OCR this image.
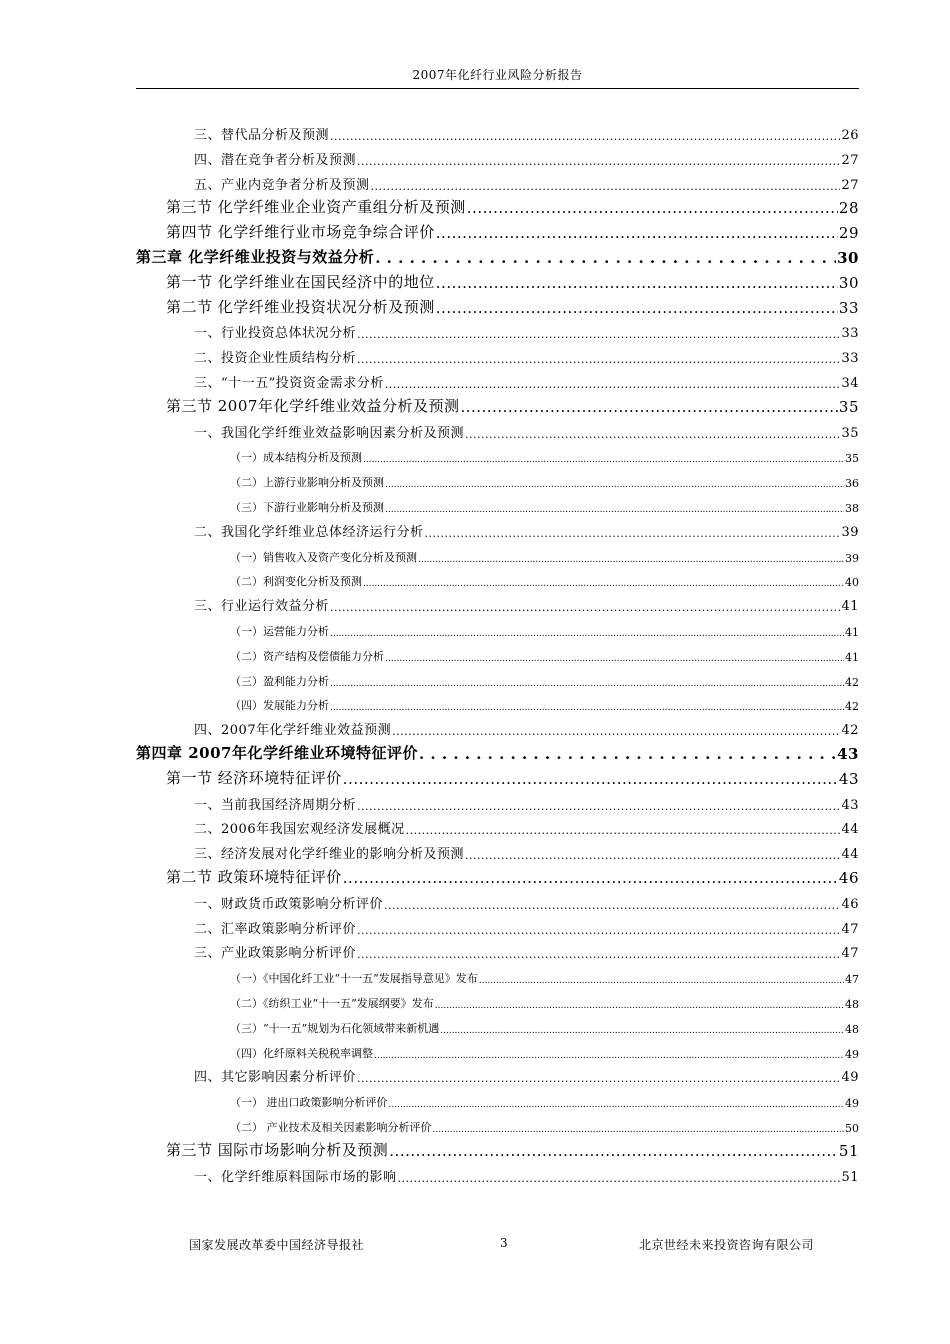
2007年化纤行业风险分析报告
三、替代品分析及预测 .....	26
四、潜在竞争者分析及预测 .....	27
五、产业内竞争者分析及预测 .....	27
第三节 化学纤维业企业资产重组分析及预测 .....	28
第四节 化学纤维行业市场竞争综合评价 .....	29
第三章 化学纤维业投资与效益分析 . . .	30
第一节 化学纤维业在国民经济中的地位 .....	30
第二节 化学纤维业投资状况分析及预测 .....	33
一、行业投资总体状况分析 .....	33
二、投资企业性质结构分析 .....	33
三、“十一五”投资资金需求分析 .....	34
第三节 2007年化学纤维业效益分析及预测 .....	35
一、我国化学纤维业效益影响因素分析及预测 .....	35
（一）成本结构分析及预测 .....	35
（二）上游行业影响分析及预测 .....	36
（三）下游行业影响分析及预测 .....	38
二、我国化学纤维业总体经济运行分析 .....	39
（一）销售收入及资产变化分析及预测 .....	39
（二）利润变化分析及预测 .....	40
三、行业运行效益分析 .....	41
（一）运营能力分析 .....	41
（二）资产结构及偿债能力分析 .....	41
（三）盈利能力分析 .....	42
（四）发展能力分析 .....	42
四、2007年化学纤维业效益预测 .....	42
第四章 2007年化学纤维业环境特征评价 . . .	43
第一节 经济环境特征评价 .....	43
一、当前我国经济周期分析 .....	43
二、2006年我国宏观经济发展概况 .....	44
三、经济发展对化学纤维业的影响分析及预测 .....	44
第二节 政策环境特征评价 .....	46
一、财政货币政策影响分析评价 .....	46
二、汇率政策影响分析评价 .....	47
三、产业政策影响分析评价 .....	47
（一）《中国化纤工业“十一五”发展指导意见》发布 .....	47
（二）《纺织工业“十一五”发展纲要》发布 .....	48
（三）“十一五”规划为石化领域带来新机遇 .....	48
（四）化纤原料关税税率调整 .....	49
四、其它影响因素分析评价 .....	49
（一） 进出口政策影响分析评价 .....	49
（二） 产业技术及相关因素影响分析评价 .....	50
第三节 国际市场影响分析及预测 .....	51
一、化学纤维原料国际市场的影响 .....	51
国家发展改革委中国经济导报社	3	北京世经未来投资咨询有限公司
